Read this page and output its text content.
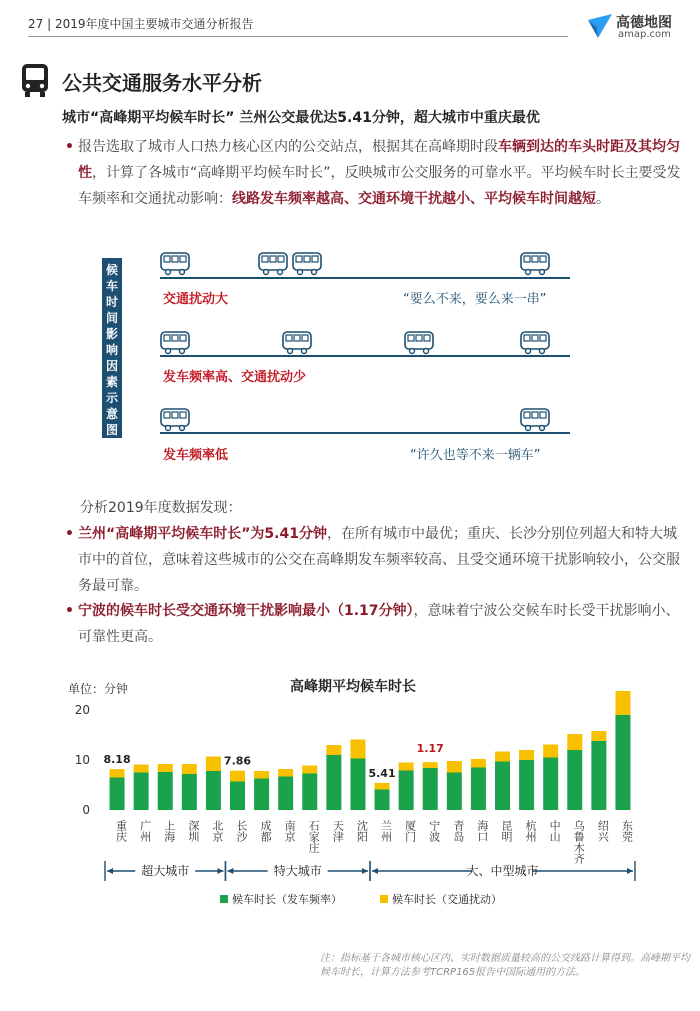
27 | 2019年度中国主要城市交通分析报告	高德地图
amap.com
公共交通服务水平分析
城市“高峰期平均候车时长” 兰州公交最优达5.41分钟，超大城市中重庆最优
• 报告选取了城市人口热力核心区内的公交站点，根据其在高峰期时段车辆到达的车头时距及其均匀性，计算了各城市“高峰期平均候车时长”，反映城市公交服务的可靠水平。平均候车时长主要受发车频率和交通扰动影响：线路发车频率越高、交通环境干扰越小、平均候车时间越短。
候
车
时
间
影
响
因
素
示
意
图
交通扰动大	“要么不来，要么来一串”
发车频率高、交通扰动少
发车频率低	“许久也等不来一辆车”
分析2019年度数据发现：
• 兰州“高峰期平均候车时长”为5.41分钟，在所有城市中最优；重庆、长沙分别位列超大和特大城市中的首位，意味着这些城市的公交在高峰期发车频率较高、且受交通环境干扰影响较小，公交服务最可靠。
• 宁波的候车时长受交通环境干扰影响最小（1.17分钟），意味着宁波公交候车时长受干扰影响小、可靠性更高。
单位：分钟	高峰期平均候车时长
0
10
20
重庆 广州 上海 深圳 北京 长沙 成都 南京 石家庄 天津 沈阳 兰州 厦门 宁波 青岛 海口 昆明 杭州 中山 乌鲁木齐 绍兴 东莞
8.18	7.86
5.41
1.17
超大城市	特大城市	大、中型城市
候车时长（发车频率）	候车时长（交通扰动）
注：指标基于各城市核心区内、实时数据质量较高的公交线路计算得到。高峰期平均候车时长，计算方法参考TCRP165报告中国际通用的方法。
